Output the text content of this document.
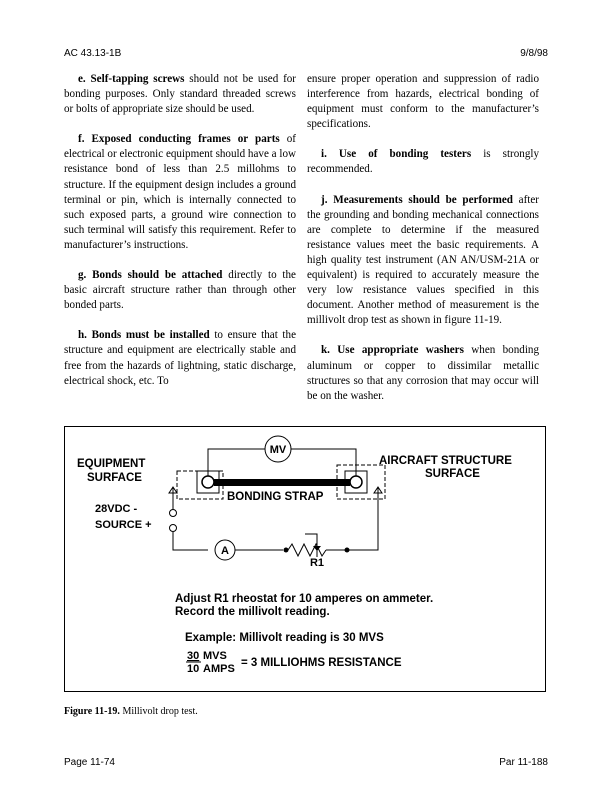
AC 43.13-1B	9/8/98

e. Self-tapping screws should not be used for bonding purposes. Only standard threaded screws or bolts of appropriate size should be used.

f. Exposed conducting frames or parts of electrical or electronic equipment should have a low resistance bond of less than 2.5 millohms to structure. If the equipment design includes a ground terminal or pin, which is internally connected to such exposed parts, a ground wire connection to such terminal will satisfy this requirement. Refer to manufacturer’s instructions.

g. Bonds should be attached directly to the basic aircraft structure rather than through other bonded parts.

h. Bonds must be installed to ensure that the structure and equipment are electrically stable and free from the hazards of lightning, static discharge, electrical shock, etc. To

ensure proper operation and suppression of radio interference from hazards, electrical bonding of equipment must conform to the manufacturer’s specifications.

i. Use of bonding testers is strongly recommended.

j. Measurements should be performed after the grounding and bonding mechanical connections are complete to determine if the measured resistance values meet the basic requirements. A high quality test instrument (AN AN/USM-21A or equivalent) is required to accurately measure the very low resistance values specified in this document. Another method of measurement is the millivolt drop test as shown in figure 11-19.

k. Use appropriate washers when bonding aluminum or copper to dissimilar metallic structures so that any corrosion that may occur will be on the washer.

MV
A
R1
EQUIPMENT
SURFACE
AIRCRAFT STRUCTURE
SURFACE
BONDING STRAP
28VDC -
SOURCE +
Adjust R1 rheostat for 10 amperes on ammeter.
Record the millivolt reading.
Example: Millivolt reading is 30 MVS
30 MVS
10 AMPS = 3 MILLIOHMS RESISTANCE
Figure 11-19. Millivolt drop test.
Page 11-74	Par 11-188
